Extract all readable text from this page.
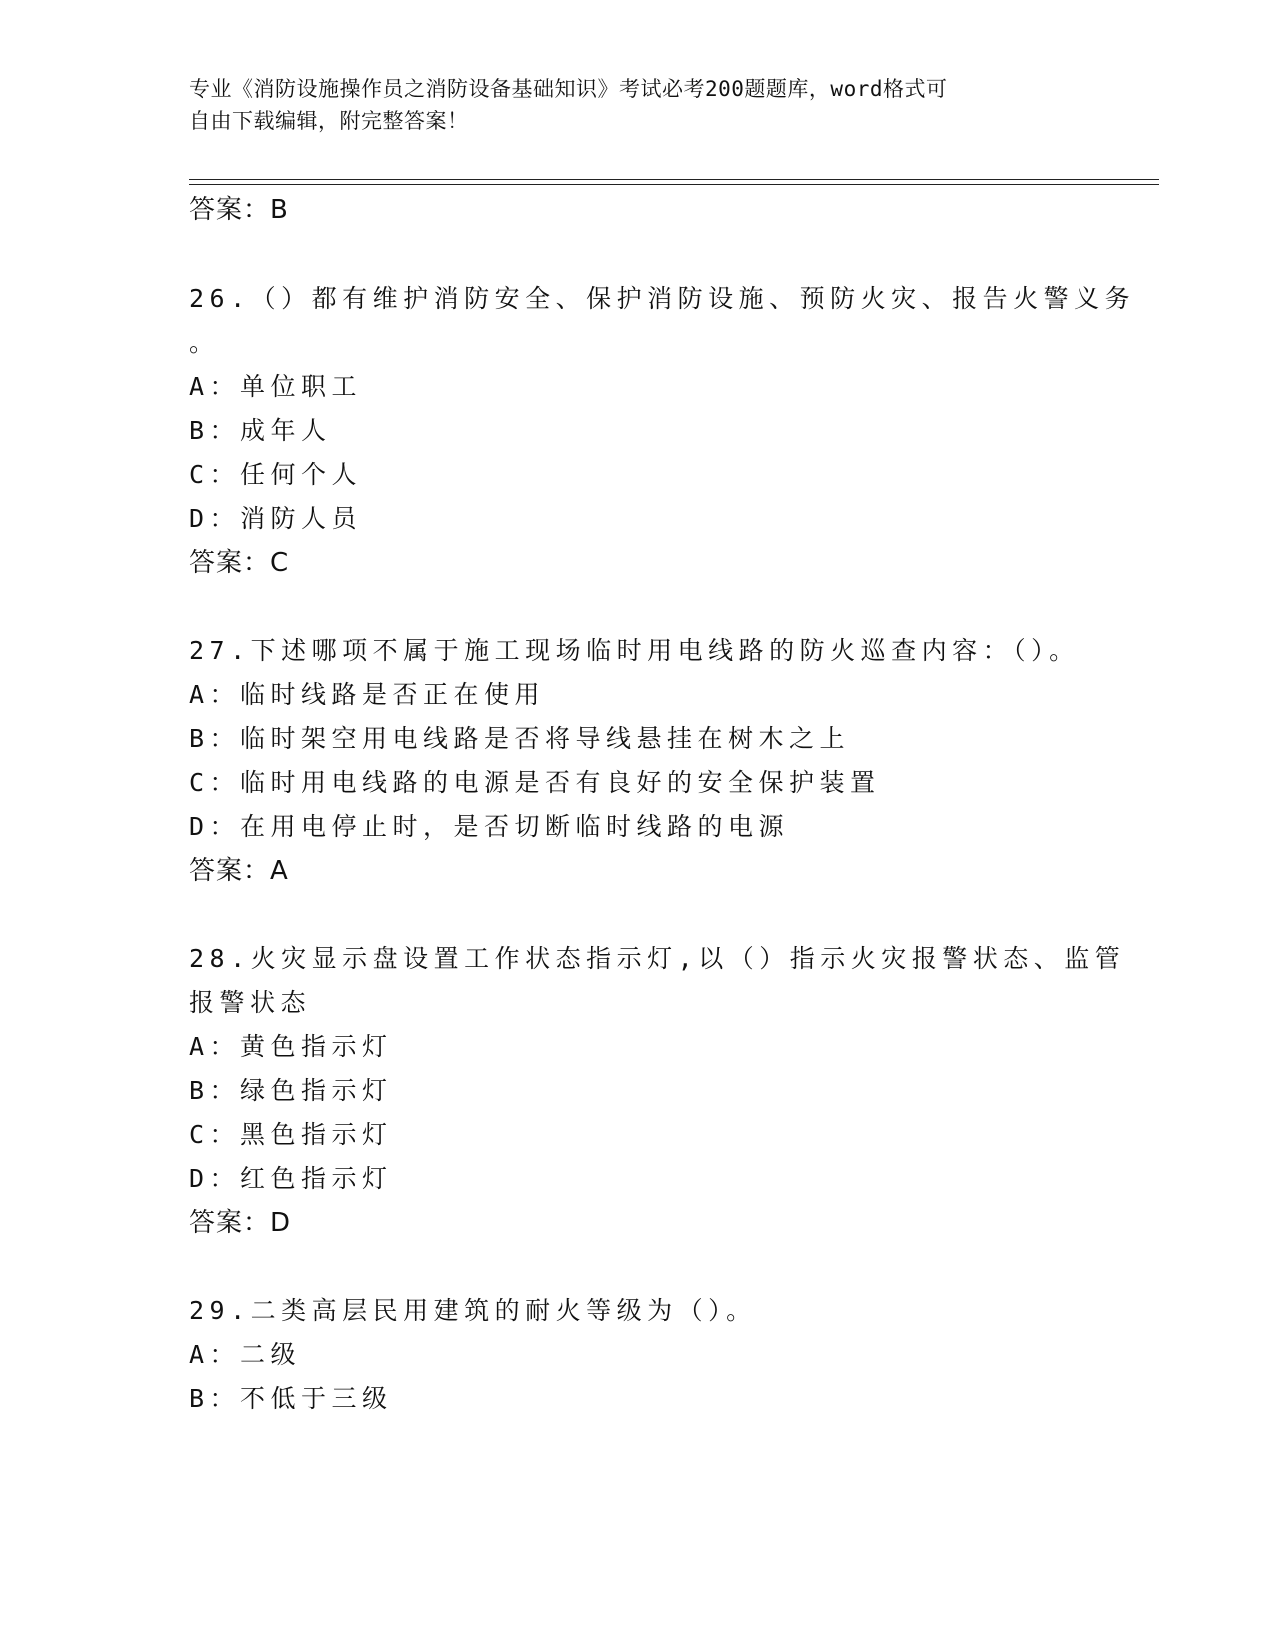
专业《消防设施操作员之消防设备基础知识》考试必考200题题库，word格式可
自由下载编辑，附完整答案！
答案：B
26.（）都有维护消防安全、保护消防设施、预防火灾、报告火警义务
。
A：单位职工
B：成年人
C：任何个人
D：消防人员
答案：C
27.下述哪项不属于施工现场临时用电线路的防火巡查内容：（）。
A：临时线路是否正在使用
B：临时架空用电线路是否将导线悬挂在树木之上
C：临时用电线路的电源是否有良好的安全保护装置
D：在用电停止时，是否切断临时线路的电源
答案：A
28.火灾显示盘设置工作状态指示灯,以（）指示火灾报警状态、监管
报警状态
A：黄色指示灯
B：绿色指示灯
C：黑色指示灯
D：红色指示灯
答案：D
29.二类高层民用建筑的耐火等级为（）。
A：二级
B：不低于三级
